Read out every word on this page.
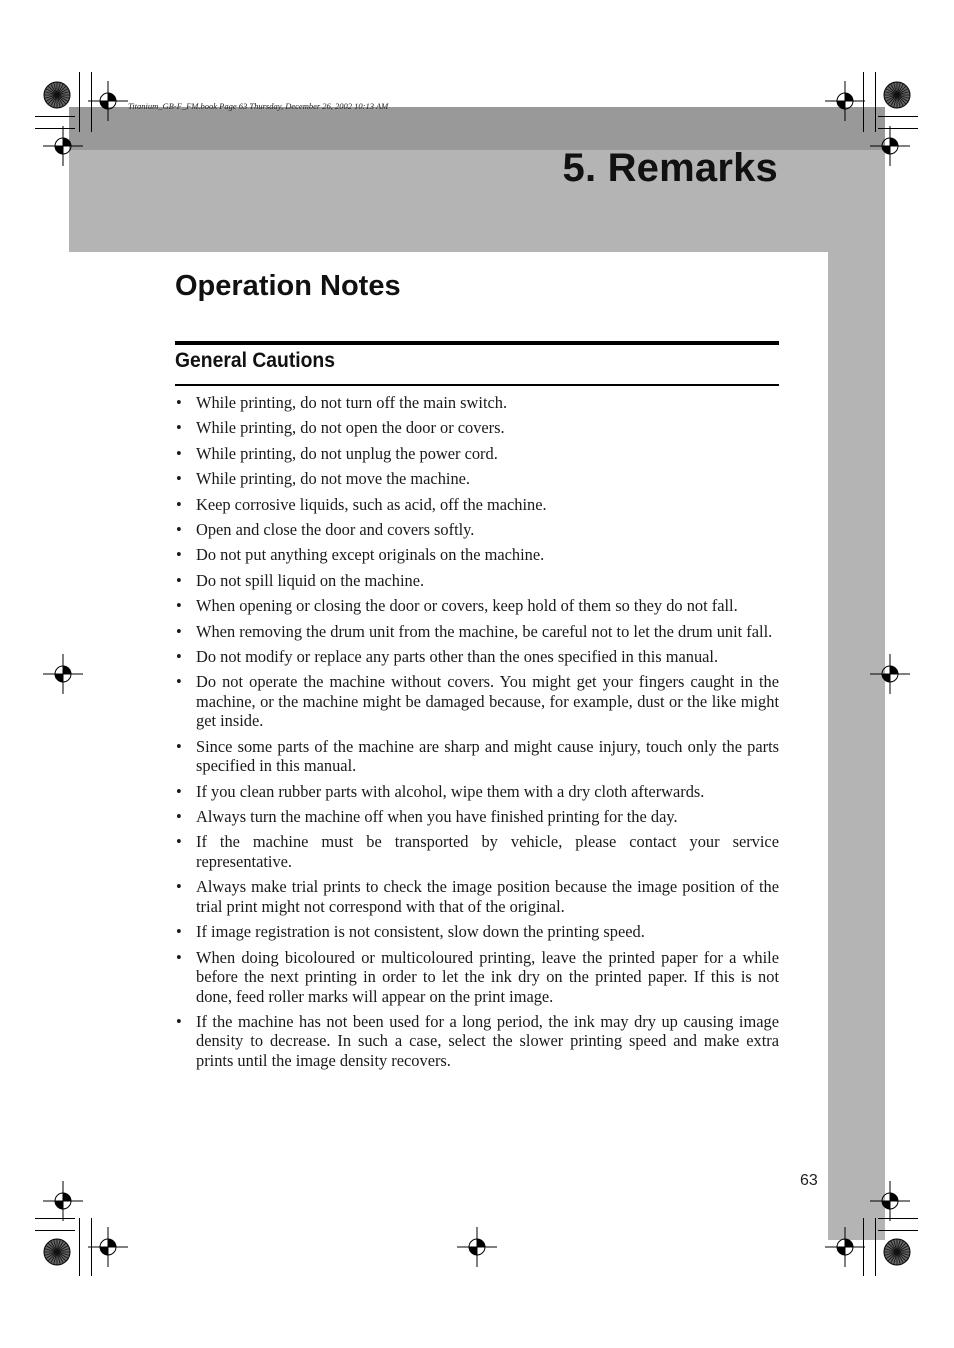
Titanium_GB-F_FM.book Page 63 Thursday, December 26, 2002 10:13 AM
5. Remarks
Operation Notes
General Cautions
• While printing, do not turn off the main switch.
• While printing, do not open the door or covers.
• While printing, do not unplug the power cord.
• While printing, do not move the machine.
• Keep corrosive liquids, such as acid, off the machine.
• Open and close the door and covers softly.
• Do not put anything except originals on the machine.
• Do not spill liquid on the machine.
• When opening or closing the door or covers, keep hold of them so they do not fall.
• When removing the drum unit from the machine, be careful not to let the drum unit fall.
• Do not modify or replace any parts other than the ones specified in this manual.
• Do not operate the machine without covers. You might get your fingers caught in the machine, or the machine might be damaged because, for example, dust or the like might get inside.
• Since some parts of the machine are sharp and might cause injury, touch only the parts specified in this manual.
• If you clean rubber parts with alcohol, wipe them with a dry cloth afterwards.
• Always turn the machine off when you have finished printing for the day.
• If the machine must be transported by vehicle, please contact your service representative.
• Always make trial prints to check the image position because the image position of the trial print might not correspond with that of the original.
• If image registration is not consistent, slow down the printing speed.
• When doing bicoloured or multicoloured printing, leave the printed paper for a while before the next printing in order to let the ink dry on the printed paper. If this is not done, feed roller marks will appear on the print image.
• If the machine has not been used for a long period, the ink may dry up causing image density to decrease. In such a case, select the slower printing speed and make extra prints until the image density recovers.
63
